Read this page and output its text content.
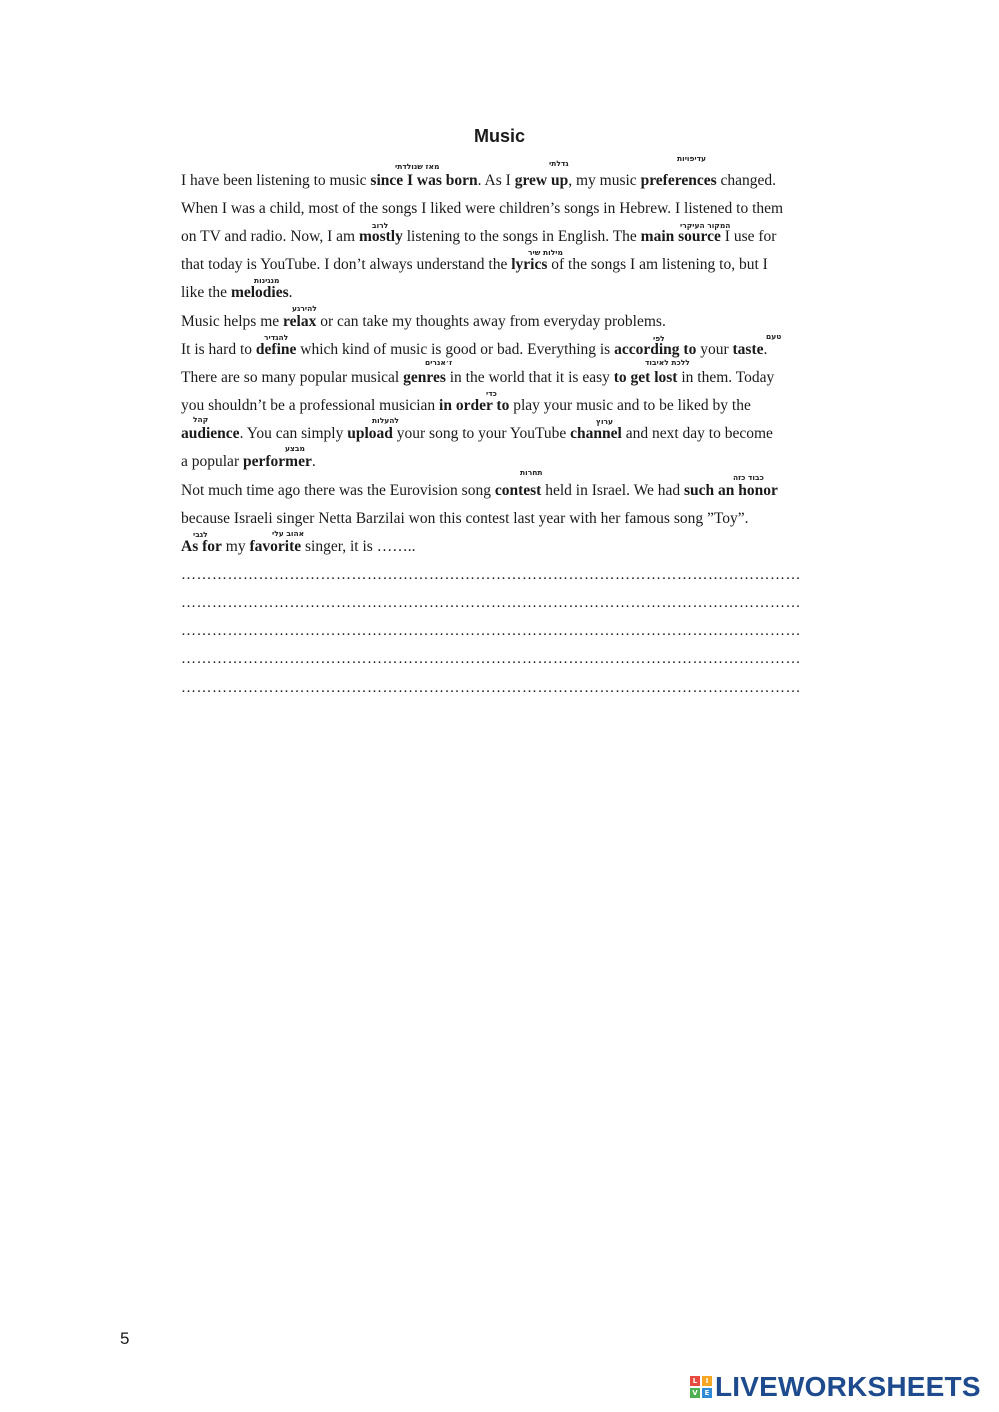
Music
I have been listening to music since I was born. As I grew up, my music preferences changed.
When I was a child, most of the songs I liked were children’s songs in Hebrew. I listened to them
on TV and radio. Now, I am mostly listening to the songs in English. The main source I use for
that today is YouTube. I don’t always understand the lyrics of the songs I am listening to, but I
like the melodies.
Music helps me relax or can take my thoughts away from everyday problems.
It is hard to define which kind of music is good or bad. Everything is according to your taste.
There are so many popular musical genres in the world that it is easy to get lost in them. Today
you shouldn’t be a professional musician in order to play your music and to be liked by the
audience. You can simply upload your song to your YouTube channel and next day to become
a popular performer.
Not much time ago there was the Eurovision song contest held in Israel. We had such an honor
because Israeli singer Netta Barzilai won this contest last year with her famous song ”Toy”.
As for my favorite singer, it is ……..
מאז שנולדתי	גדלתי
עדיפויות
לרוב	המקור העיקרי
מילות שיר
מנגינות
להירגע
להגדיר	לפי	טעם
ז׳אנרים	ללכת לאיבוד
כדי
קהל	להעלות	ערוץ
מבצע
תחרות
כבוד כזה
לגבי	אהוב עלי
…………………………………………………………………………………………………………
…………………………………………………………………………………………………………
…………………………………………………………………………………………………………
…………………………………………………………………………………………………………
…………………………………………………………………………………………………………
5
L	I
V E LIVEWORKSHEETS
